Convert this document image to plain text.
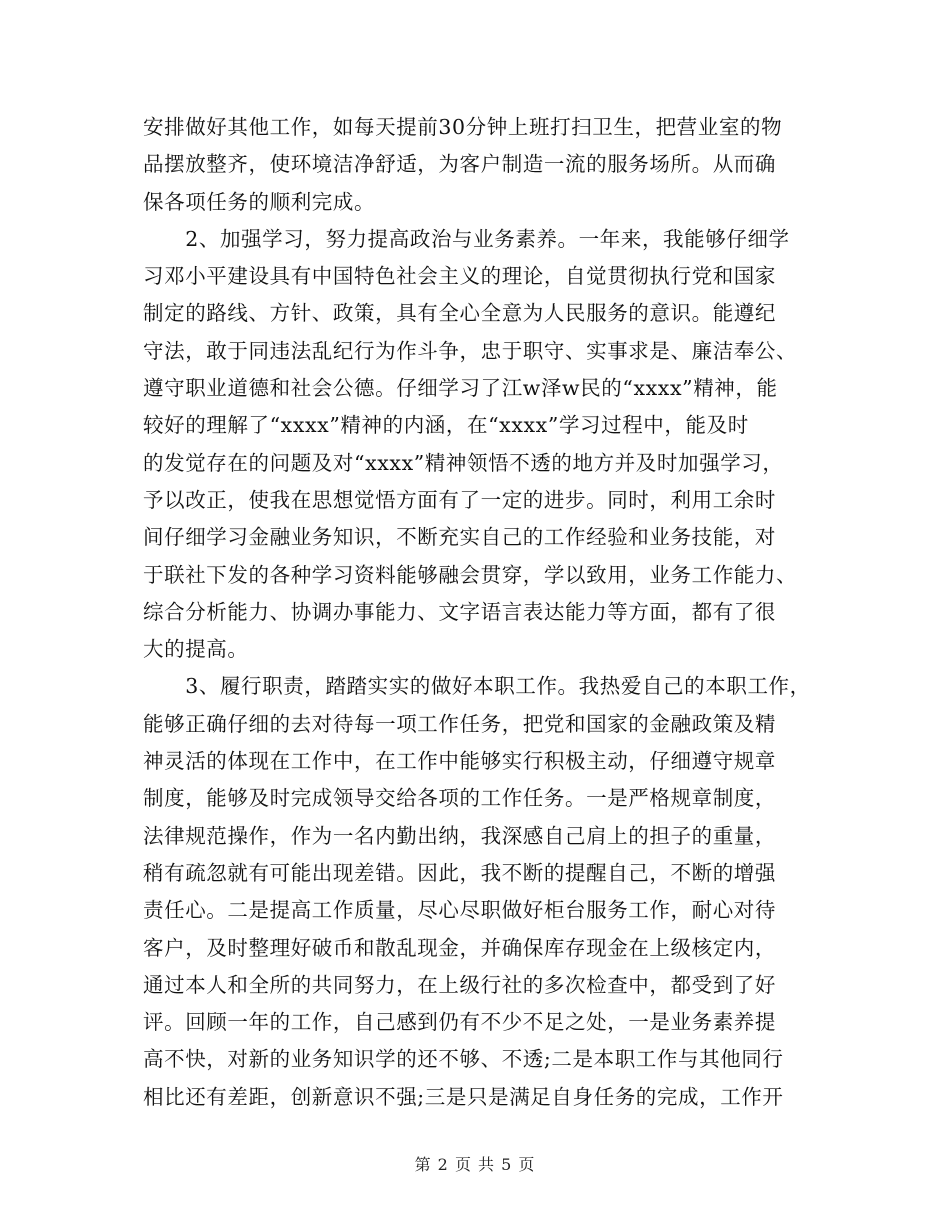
安排做好其他工作，如每天提前30分钟上班打扫卫生，把营业室的物
品摆放整齐，使环境洁净舒适，为客户制造一流的服务场所。从而确
保各项任务的顺利完成。
　　2、加强学习，努力提高政治与业务素养。一年来，我能够仔细学
习邓小平建设具有中国特色社会主义的理论，自觉贯彻执行党和国家
制定的路线、方针、政策，具有全心全意为人民服务的意识。能遵纪
守法，敢于同违法乱纪行为作斗争，忠于职守、实事求是、廉洁奉公、
遵守职业道德和社会公德。仔细学习了江w泽w民的“xxxx”精神，能
较好的理解了“xxxx”精神的内涵，在“xxxx”学习过程中，能及时
的发觉存在的问题及对“xxxx”精神领悟不透的地方并及时加强学习，
予以改正，使我在思想觉悟方面有了一定的进步。同时，利用工余时
间仔细学习金融业务知识，不断充实自己的工作经验和业务技能，对
于联社下发的各种学习资料能够融会贯穿，学以致用，业务工作能力、
综合分析能力、协调办事能力、文字语言表达能力等方面，都有了很
大的提高。
　　3、履行职责，踏踏实实的做好本职工作。我热爱自己的本职工作，
能够正确仔细的去对待每一项工作任务，把党和国家的金融政策及精
神灵活的体现在工作中，在工作中能够实行积极主动，仔细遵守规章
制度，能够及时完成领导交给各项的工作任务。一是严格规章制度，
法律规范操作，作为一名内勤出纳，我深感自己肩上的担子的重量，
稍有疏忽就有可能出现差错。因此，我不断的提醒自己，不断的增强
责任心。二是提高工作质量，尽心尽职做好柜台服务工作，耐心对待
客户，及时整理好破币和散乱现金，并确保库存现金在上级核定内，
通过本人和全所的共同努力，在上级行社的多次检查中，都受到了好
评。回顾一年的工作，自己感到仍有不少不足之处，一是业务素养提
高不快，对新的业务知识学的还不够、不透;二是本职工作与其他同行
相比还有差距，创新意识不强;三是只是满足自身任务的完成，工作开
第 2 页 共 5 页
